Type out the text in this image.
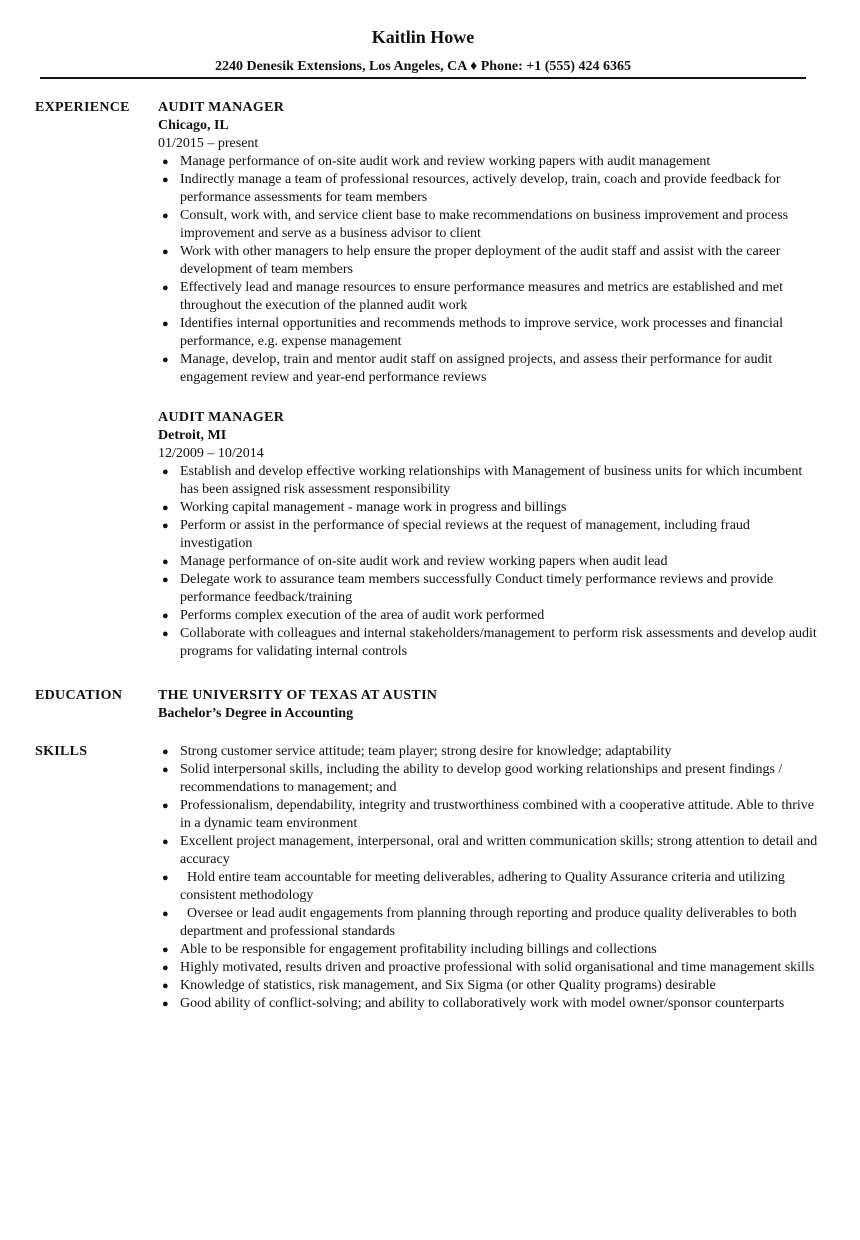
Kaitlin Howe
2240 Denesik Extensions, Los Angeles, CA ♦ Phone: +1 (555) 424 6365
EXPERIENCE AUDIT MANAGER
Chicago, IL
01/2015 – present
● Manage performance of on-site audit work and review working papers with audit management
● Indirectly manage a team of professional resources, actively develop, train, coach and provide feedback for performance assessments for team members
● Consult, work with, and service client base to make recommendations on business improvement and process improvement and serve as a business advisor to client
● Work with other managers to help ensure the proper deployment of the audit staff and assist with the career development of team members
● Effectively lead and manage resources to ensure performance measures and metrics are established and met throughout the execution of the planned audit work
● Identifies internal opportunities and recommends methods to improve service, work processes and financial performance, e.g. expense management
● Manage, develop, train and mentor audit staff on assigned projects, and assess their performance for audit engagement review and year-end performance reviews
AUDIT MANAGER
Detroit, MI
12/2009 – 10/2014
● Establish and develop effective working relationships with Management of business units for which incumbent has been assigned risk assessment responsibility
● Working capital management - manage work in progress and billings
● Perform or assist in the performance of special reviews at the request of management, including fraud investigation
● Manage performance of on-site audit work and review working papers when audit lead
● Delegate work to assurance team members successfully Conduct timely performance reviews and provide performance feedback/training
● Performs complex execution of the area of audit work performed
● Collaborate with colleagues and internal stakeholders/management to perform risk assessments and develop audit programs for validating internal controls
EDUCATION	THE UNIVERSITY OF TEXAS AT AUSTIN
Bachelor’s Degree in Accounting
SKILLS	● Strong customer service attitude; team player; strong desire for knowledge; adaptability
● Solid interpersonal skills, including the ability to develop good working relationships and present findings / recommendations to management; and
● Professionalism, dependability, integrity and trustworthiness combined with a cooperative attitude. Able to thrive in a dynamic team environment
● Excellent project management, interpersonal, oral and written communication skills; strong attention to detail and accuracy
● Hold entire team accountable for meeting deliverables, adhering to Quality Assurance criteria and utilizing consistent methodology
● Oversee or lead audit engagements from planning through reporting and produce quality deliverables to both department and professional standards
● Able to be responsible for engagement profitability including billings and collections
● Highly motivated, results driven and proactive professional with solid organisational and time management skills
● Knowledge of statistics, risk management, and Six Sigma (or other Quality programs) desirable
● Good ability of conflict-solving; and ability to collaboratively work with model owner/sponsor counterparts
